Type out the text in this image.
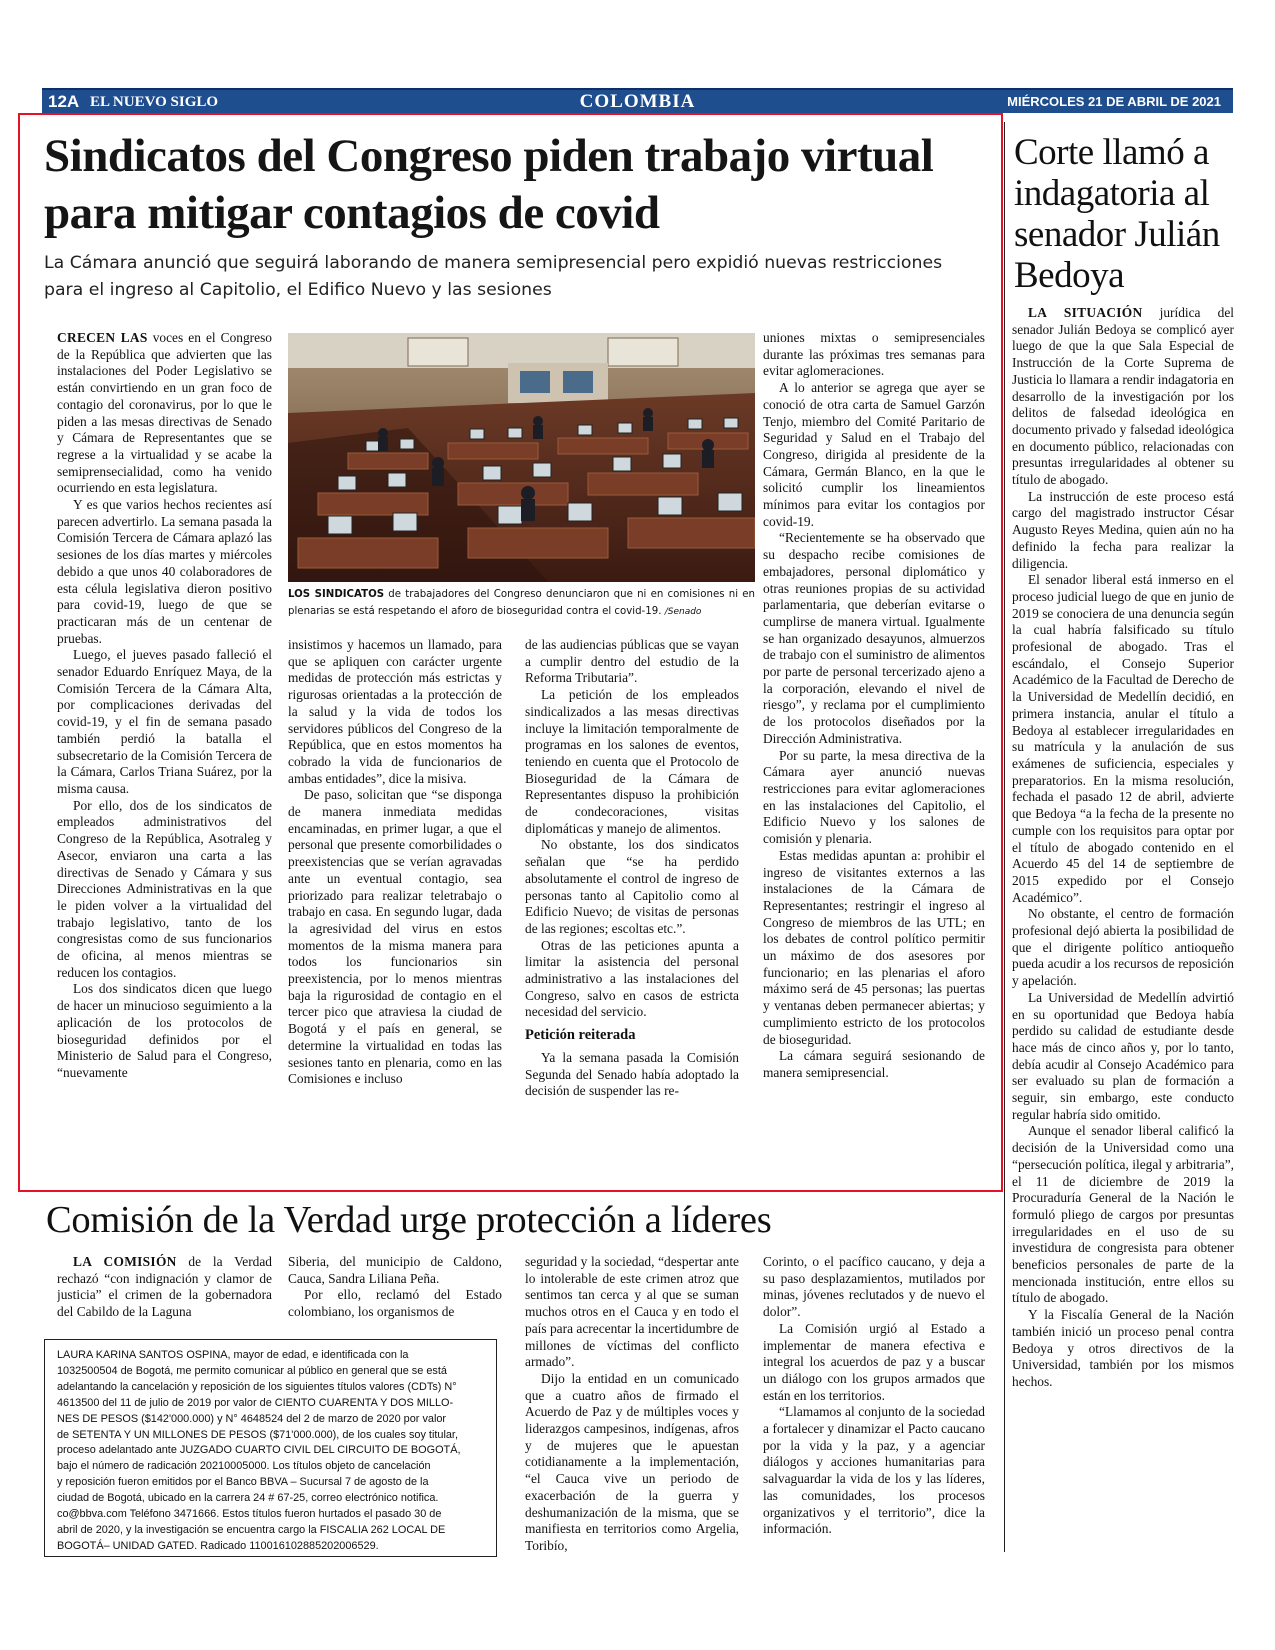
12A EL NUEVO SIGLO	COLOMBIA	MIÉRCOLES 21 DE ABRIL DE 2021
Sindicatos del Congreso piden trabajo virtual para mitigar contagios de covid
La Cámara anunció que seguirá laborando de manera semipresencial pero expidió nuevas restricciones para el ingreso al Capitolio, el Edifico Nuevo y las sesiones

CRECEN LAS voces en el Congreso de la República que advierten que las instalaciones del Poder Legislativo se están convirtiendo en un gran foco de contagio del coronavirus, por lo que le piden a las mesas directivas de Senado y Cámara de Representantes que se regrese a la virtualidad y se acabe la semiprensecialidad, como ha venido ocurriendo en esta legislatura.

Y es que varios hechos recientes así parecen advertirlo. La semana pasada la Comisión Tercera de Cámara aplazó las sesiones de los días martes y miércoles debido a que unos 40 colaboradores de esta célula legislativa dieron positivo para covid-19, luego de que se practicaran más de un centenar de pruebas.

Luego, el jueves pasado falleció el senador Eduardo Enríquez Maya, de la Comisión Tercera de la Cámara Alta, por complicaciones derivadas del covid-19, y el fin de semana pasado también perdió la batalla el subsecretario de la Comisión Tercera de la Cámara, Carlos Triana Suárez, por la misma causa.

Por ello, dos de los sindicatos de empleados administrativos del Congreso de la República, Asotraleg y Asecor, enviaron una carta a las directivas de Senado y Cámara y sus Direcciones Administrativas en la que le piden volver a la virtualidad del trabajo legislativo, tanto de los congresistas como de sus funcionarios de oficina, al menos mientras se reducen los contagios.

Los dos sindicatos dicen que luego de hacer un minucioso seguimiento a la aplicación de los protocolos de bioseguridad definidos por el Ministerio de Salud para el Congreso, “nuevamente

LOS SINDICATOS de trabajadores del Congreso denunciaron que ni en comisiones ni en plenarias se está respetando el aforo de bioseguridad contra el covid-19. /Senado

insistimos y hacemos un llamado, para que se apliquen con carácter urgente medidas de protección más estrictas y rigurosas orientadas a la protección de la salud y la vida de todos los servidores públicos del Congreso de la República, que en estos momentos ha cobrado la vida de funcionarios de ambas entidades”, dice la misiva.

De paso, solicitan que “se disponga de manera inmediata medidas encaminadas, en primer lugar, a que el personal que presente comorbilidades o preexistencias que se verían agravadas ante un eventual contagio, sea priorizado para realizar teletrabajo o trabajo en casa. En segundo lugar, dada la agresividad del virus en estos momentos de la misma manera para todos los funcionarios sin preexistencia, por lo menos mientras baja la rigurosidad de contagio en el tercer pico que atraviesa la ciudad de Bogotá y el país en general, se determine la virtualidad en todas las sesiones tanto en plenaria, como en las Comisiones e incluso

de las audiencias públicas que se vayan a cumplir dentro del estudio de la Reforma Tributaria”.

La petición de los empleados sindicalizados a las mesas directivas incluye la limitación temporalmente de programas en los salones de eventos, teniendo en cuenta que el Protocolo de Bioseguridad de la Cámara de Representantes dispuso la prohibición de condecoraciones, visitas diplomáticas y manejo de alimentos.

No obstante, los dos sindicatos señalan que “se ha perdido absolutamente el control de ingreso de personas tanto al Capitolio como al Edificio Nuevo; de visitas de personas de las regiones; escoltas etc.”.

Otras de las peticiones apunta a limitar la asistencia del personal administrativo a las instalaciones del Congreso, salvo en casos de estricta necesidad del servicio.

Petición reiterada

Ya la semana pasada la Comisión Segunda del Senado había adoptado la decisión de suspender las re-

uniones mixtas o semipresenciales durante las próximas tres semanas para evitar aglomeraciones.

A lo anterior se agrega que ayer se conoció de otra carta de Samuel Garzón Tenjo, miembro del Comité Paritario de Seguridad y Salud en el Trabajo del Congreso, dirigida al presidente de la Cámara, Germán Blanco, en la que le solicitó cumplir los lineamientos mínimos para evitar los contagios por covid-19.

“Recientemente se ha observado que su despacho recibe comisiones de embajadores, personal diplomático y otras reuniones propias de su actividad parlamentaria, que deberían evitarse o cumplirse de manera virtual. Igualmente se han organizado desayunos, almuerzos de trabajo con el suministro de alimentos por parte de personal tercerizado ajeno a la corporación, elevando el nivel de riesgo”, y reclama por el cumplimiento de los protocolos diseñados por la Dirección Administrativa.

Por su parte, la mesa directiva de la Cámara ayer anunció nuevas restricciones para evitar aglomeraciones en las instalaciones del Capitolio, el Edificio Nuevo y los salones de comisión y plenaria.

Estas medidas apuntan a: prohibir el ingreso de visitantes externos a las instalaciones de la Cámara de Representantes; restringir el ingreso al Congreso de miembros de las UTL; en los debates de control político permitir un máximo de dos asesores por funcionario; en las plenarias el aforo máximo será de 45 personas; las puertas y ventanas deben permanecer abiertas; y cumplimiento estricto de los protocolos de bioseguridad.

La cámara seguirá sesionando de manera semipresencial.

Corte llamó a indagatoria al senador Julián Bedoya

LA SITUACIÓN jurídica del senador Julián Bedoya se complicó ayer luego de que la que Sala Especial de Instrucción de la Corte Suprema de Justicia lo llamara a rendir indagatoria en desarrollo de la investigación por los delitos de falsedad ideológica en documento privado y falsedad ideológica en documento público, relacionadas con presuntas irregularidades al obtener su título de abogado.

La instrucción de este proceso está cargo del magistrado instructor César Augusto Reyes Medina, quien aún no ha definido la fecha para realizar la diligencia.

El senador liberal está inmerso en el proceso judicial luego de que en junio de 2019 se conociera de una denuncia según la cual habría falsificado su título profesional de abogado. Tras el escándalo, el Consejo Superior Académico de la Facultad de Derecho de la Universidad de Medellín decidió, en primera instancia, anular el título a Bedoya al establecer irregularidades en su matrícula y la anulación de sus exámenes de suficiencia, especiales y preparatorios. En la misma resolución, fechada el pasado 12 de abril, advierte que Bedoya “a la fecha de la presente no cumple con los requisitos para optar por el título de abogado contenido en el Acuerdo 45 del 14 de septiembre de 2015 expedido por el Consejo Académico”.

No obstante, el centro de formación profesional dejó abierta la posibilidad de que el dirigente político antioqueño pueda acudir a los recursos de reposición y apelación.

La Universidad de Medellín advirtió en su oportunidad que Bedoya había perdido su calidad de estudiante desde hace más de cinco años y, por lo tanto, debía acudir al Consejo Académico para ser evaluado su plan de formación a seguir, sin embargo, este conducto regular habría sido omitido.

Aunque el senador liberal calificó la decisión de la Universidad como una “persecución política, ilegal y arbitraria”, el 11 de diciembre de 2019 la Procuraduría General de la Nación le formuló pliego de cargos por presuntas irregularidades en el uso de su investidura de congresista para obtener beneficios personales de parte de la mencionada institución, entre ellos su título de abogado.

Y la Fiscalía General de la Nación también inició un proceso penal contra Bedoya y otros directivos de la Universidad, también por los mismos hechos.

Comisión de la Verdad urge protección a líderes

LA COMISIÓN de la Verdad rechazó “con indignación y clamor de justicia” el crimen de la gobernadora del Cabildo de la Laguna

Siberia, del municipio de Caldono, Cauca, Sandra Liliana Peña.

Por ello, reclamó del Estado colombiano, los organismos de

seguridad y la sociedad, “despertar ante lo intolerable de este crimen atroz que sentimos tan cerca y al que se suman muchos otros en el Cauca y en todo el país para acrecentar la incertidumbre de millones de víctimas del conflicto armado”.

Dijo la entidad en un comunicado que a cuatro años de firmado el Acuerdo de Paz y de múltiples voces y liderazgos campesinos, indígenas, afros y de mujeres que le apuestan cotidianamente a la implementación, “el Cauca vive un periodo de exacerbación de la guerra y deshumanización de la misma, que se manifiesta en territorios como Argelia, Toribío,

Corinto, o el pacífico caucano, y deja a su paso desplazamientos, mutilados por minas, jóvenes reclutados y de nuevo el dolor”.

La Comisión urgió al Estado a implementar de manera efectiva e integral los acuerdos de paz y a buscar un diálogo con los grupos armados que están en los territorios.

“Llamamos al conjunto de la sociedad a fortalecer y dinamizar el Pacto caucano por la vida y la paz, y a agenciar diálogos y acciones humanitarias para salvaguardar la vida de los y las líderes, las comunidades, los procesos organizativos y el territorio”, dice la información.

LAURA KARINA SANTOS OSPINA, mayor de edad, e identificada con la
1032500504 de Bogotá, me permito comunicar al público en general que se está
adelantando la cancelación y reposición de los siguientes títulos valores (CDTs) N°
4613500 del 11 de julio de 2019 por valor de CIENTO CUARENTA Y DOS MILLO-
NES DE PESOS ($142'000.000) y N° 4648524 del 2 de marzo de 2020 por valor
de SETENTA Y UN MILLONES DE PESOS ($71'000.000), de los cuales soy titular,
proceso adelantado ante JUZGADO CUARTO CIVIL DEL CIRCUITO DE BOGOTÁ,
bajo el número de radicación 20210005000. Los títulos objeto de cancelación
y reposición fueron emitidos por el Banco BBVA – Sucursal 7 de agosto de la
ciudad de Bogotá, ubicado en la carrera 24 # 67-25, correo electrónico notifica.
co@bbva.com Teléfono 3471666. Estos títulos fueron hurtados el pasado 30 de
abril de 2020, y la investigación se encuentra cargo la FISCALIA 262 LOCAL DE
BOGOTÁ– UNIDAD GATED. Radicado 110016102885202006529.
